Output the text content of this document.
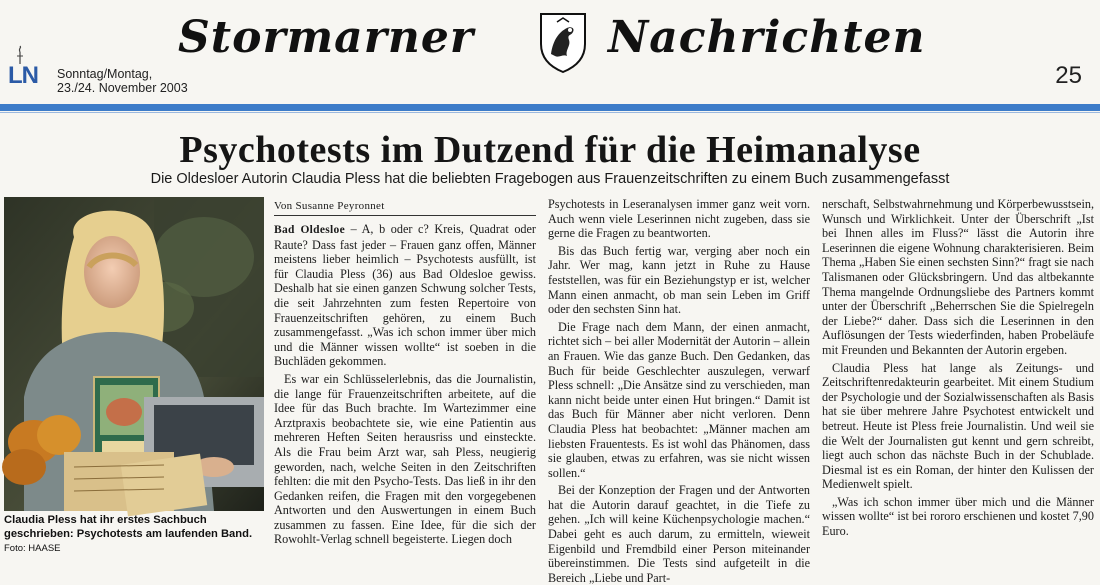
LN Sonntag/Montag,
23./24. November 2003
Stormarner	Nachrichten
25
Psychotests im Dutzend für die Heimanalyse
Die Oldesloer Autorin Claudia Pless hat die beliebten Fragebogen aus Frauenzeitschriften zu einem Buch zusammengefasst
Claudia Pless hat ihr erstes Sachbuch geschrieben: Psychotests am laufenden Band. Foto: HAASE
Von Susanne Peyronnet

Bad Oldesloe – A, b oder c? Kreis, Quadrat oder Raute? Dass fast jeder – Frauen ganz offen, Männer meistens lieber heimlich – Psychotests ausfüllt, ist für Claudia Pless (36) aus Bad Oldesloe gewiss. Deshalb hat sie einen ganzen Schwung solcher Tests, die seit Jahrzehnten zum festen Repertoire von Frauenzeitschriften gehören, zu einem Buch zusammengefasst. „Was ich schon immer über mich und die Männer wissen wollte“ ist soeben in die Buchläden gekommen.

Es war ein Schlüsselerlebnis, das die Journalistin, die lange für Frauenzeitschriften arbeitete, auf die Idee für das Buch brachte. Im Wartezimmer eine Arztpraxis beobachtete sie, wie eine Patientin aus mehreren Heften Seiten herausriss und einsteckte. Als die Frau beim Arzt war, sah Pless, neugierig geworden, nach, welche Seiten in den Zeitschriften fehlten: die mit den Psycho-Tests. Das ließ in ihr den Gedanken reifen, die Fragen mit den vorgegebenen Antworten und den Auswertungen in einem Buch zusammen zu fassen. Eine Idee, für die sich der Rowohlt-Verlag schnell begeisterte. Liegen doch

Psychotests in Leseranalysen immer ganz weit vorn. Auch wenn viele Leserinnen nicht zugeben, dass sie gerne die Fragen zu beantworten.

Bis das Buch fertig war, verging aber noch ein Jahr. Wer mag, kann jetzt in Ruhe zu Hause feststellen, was für ein Beziehungstyp er ist, welcher Mann einen anmacht, ob man sein Leben im Griff oder den sechsten Sinn hat.

Die Frage nach dem Mann, der einen anmacht, richtet sich – bei aller Modernität der Autorin – allein an Frauen. Wie das ganze Buch. Den Gedanken, das Buch für beide Geschlechter auszulegen, verwarf Pless schnell: „Die Ansätze sind zu verschieden, man kann nicht beide unter einen Hut bringen.“ Damit ist das Buch für Männer aber nicht verloren. Denn Claudia Pless hat beobachtet: „Männer machen am liebsten Frauentests. Es ist wohl das Phänomen, dass sie glauben, etwas zu erfahren, was sie nicht wissen sollen.“

Bei der Konzeption der Fragen und der Antworten hat die Autorin darauf geachtet, in die Tiefe zu gehen. „Ich will keine Küchenpsychologie machen.“ Dabei geht es auch darum, zu ermitteln, wieweit Eigenbild und Fremdbild einer Person miteinander übereinstimmen. Die Tests sind aufgeteilt in die Bereich „Liebe und Part-

nerschaft, Selbstwahrnehmung und Körperbewusstsein, Wunsch und Wirklichkeit. Unter der Überschrift „Ist bei Ihnen alles im Fluss?“ lässt die Autorin ihre Leserinnen die eigene Wohnung charakterisieren. Beim Thema „Haben Sie einen sechsten Sinn?“ fragt sie nach Talismanen oder Glücksbringern. Und das altbekannte Thema mangelnde Ordnungsliebe des Partners kommt unter der Überschrift „Beherrschen Sie die Spielregeln der Liebe?“ daher. Dass sich die Leserinnen in den Auflösungen der Tests wiederfinden, haben Probeläufe mit Freunden und Bekannten der Autorin ergeben.

Claudia Pless hat lange als Zeitungs- und Zeitschriftenredakteurin gearbeitet. Mit einem Studium der Psychologie und der Sozialwissenschaften als Basis hat sie über mehrere Jahre Psychotest entwickelt und betreut. Heute ist Pless freie Journalistin. Und weil sie die Welt der Journalisten gut kennt und gern schreibt, liegt auch schon das nächste Buch in der Schublade. Diesmal ist es ein Roman, der hinter den Kulissen der Medienwelt spielt.

„Was ich schon immer über mich und die Männer wissen wollte“ ist bei rororo erschienen und kostet 7,90 Euro.
